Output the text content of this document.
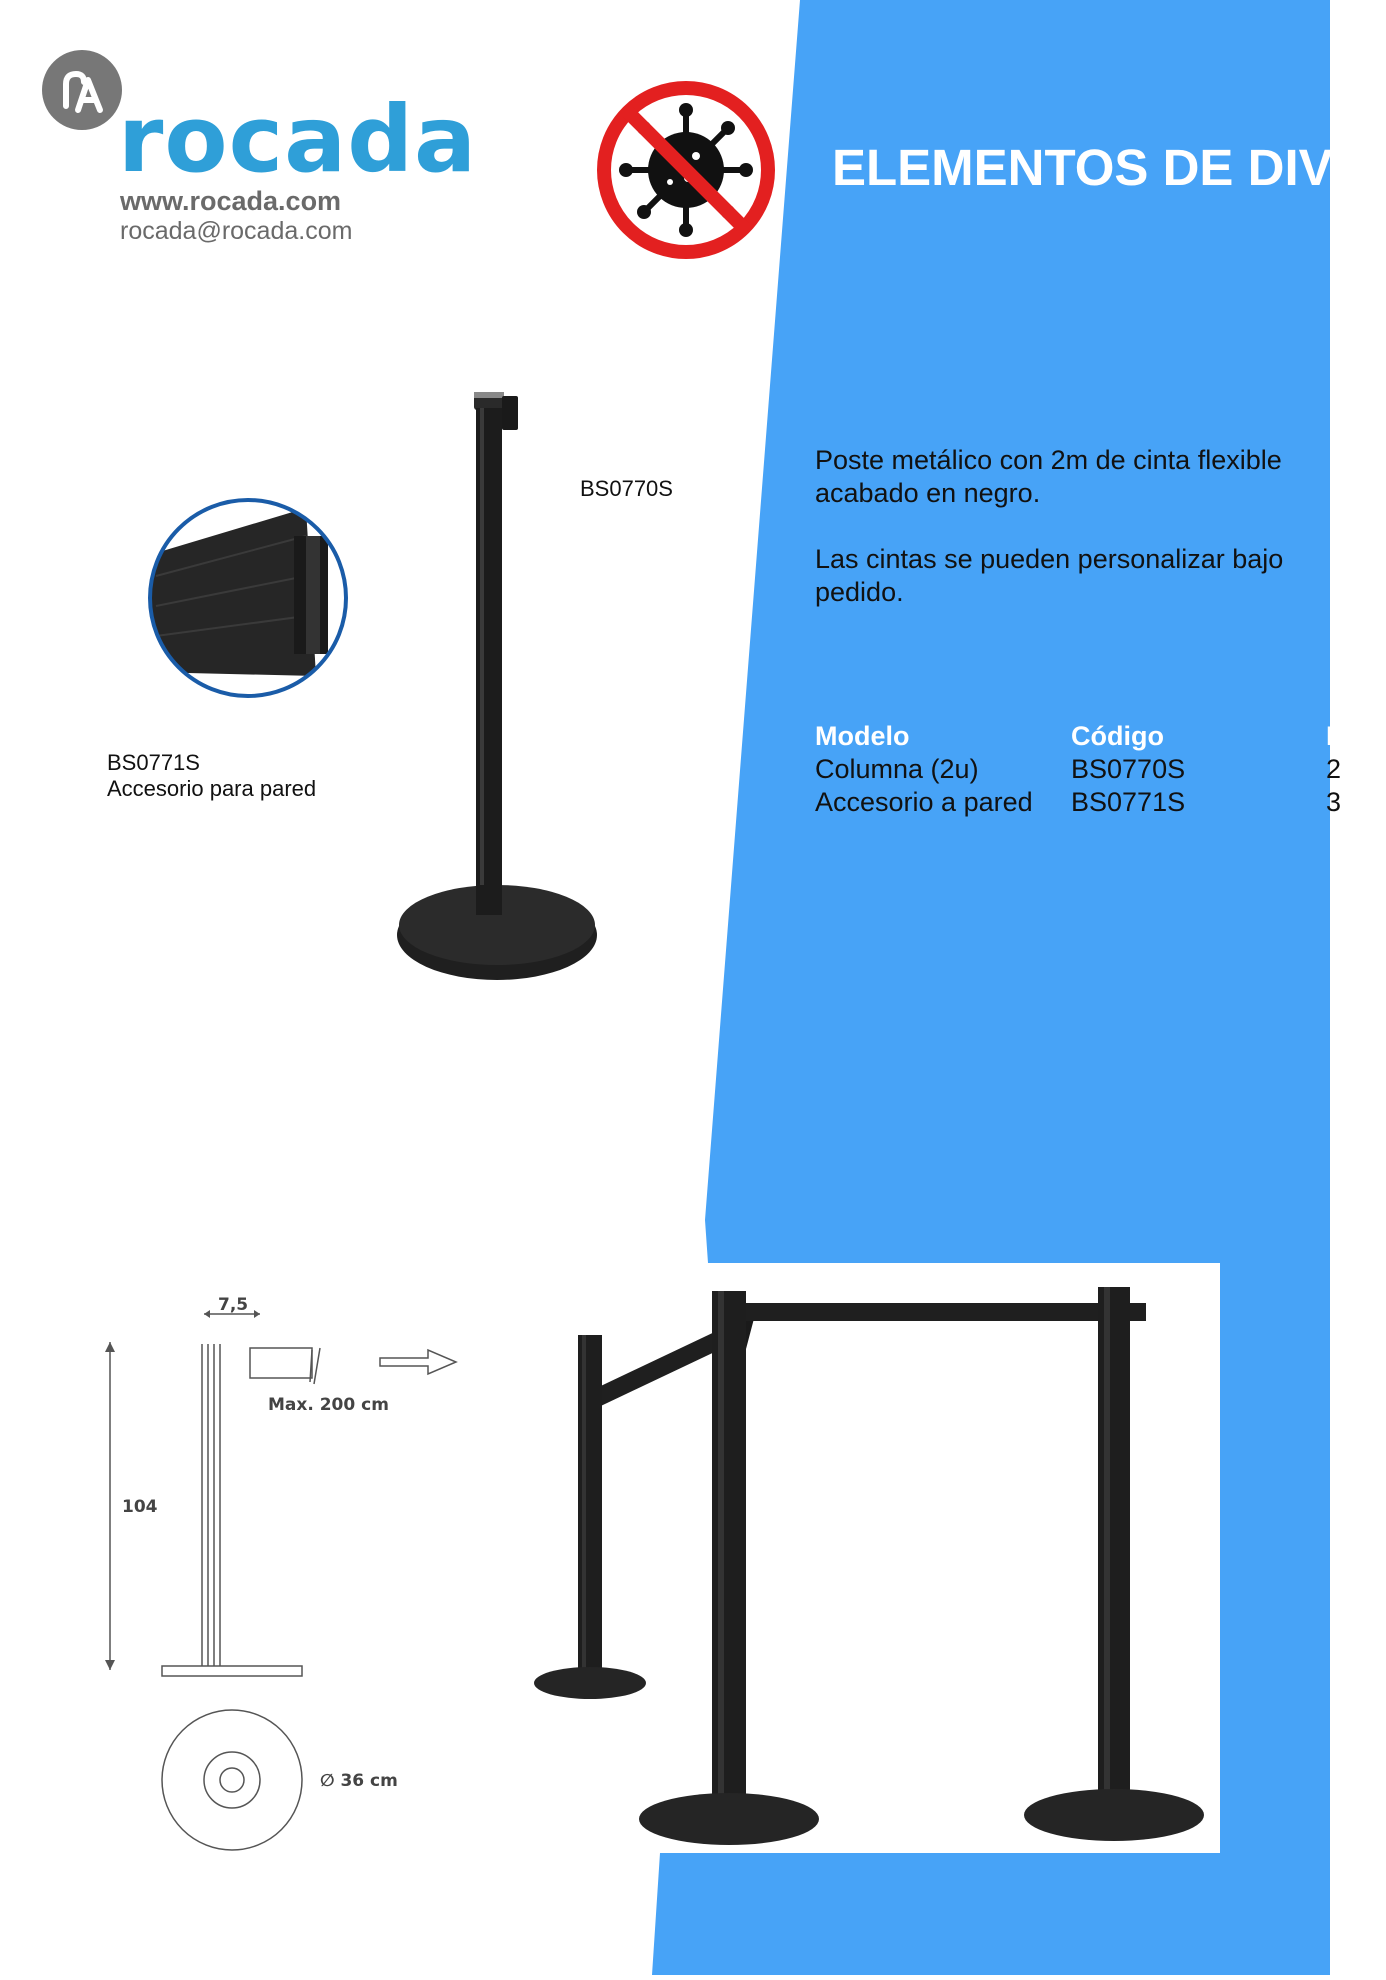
rocada
www.rocada.com
rocada@rocada.com
ELEMENTOS DE DIVI

Poste metálico con 2m de cinta flexible acabado en negro.

Las cintas se pueden personalizar bajo pedido.

Modelo	Código	P
Columna (2u)	BS0770S	2
Accesorio a pared	BS0771S	3
BS0770S
BS0771S
Accesorio para pared
7,5
Max. 200 cm
104
∅ 36 cm
